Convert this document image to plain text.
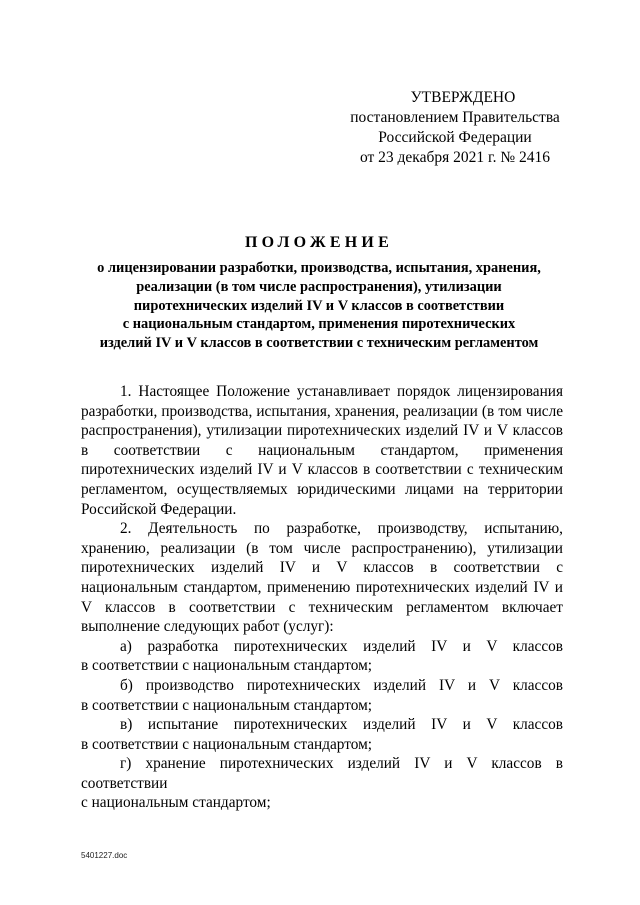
УТВЕРЖДЕНО
постановлением Правительства
Российской Федерации
от 23 декабря 2021 г. № 2416
ПОЛОЖЕНИЕ
о лицензировании разработки, производства, испытания, хранения,
реализации (в том числе распространения), утилизации
пиротехнических изделий IV и V классов в соответствии
с национальным стандартом, применения пиротехнических
изделий IV и V классов в соответствии с техническим регламентом

1. Настоящее Положение устанавливает порядок лицензирования разработки, производства, испытания, хранения, реализации (в том числе распространения), утилизации пиротехнических изделий IV и V классов в соответствии с национальным стандартом, применения пиротехнических изделий IV и V классов в соответствии с техническим регламентом, осуществляемых юридическими лицами на территории Российской Федерации.

2. Деятельность по разработке, производству, испытанию, хранению, реализации (в том числе распространению), утилизации пиротехнических изделий IV и V классов в соответствии с национальным стандартом, применению пиротехнических изделий IV и V классов в соответствии с техническим регламентом включает выполнение следующих работ (услуг):

а) разработка пиротехнических изделий IV и V классов
в соответствии с национальным стандартом;
б) производство пиротехнических изделий IV и V классов
в соответствии с национальным стандартом;
в) испытание пиротехнических изделий IV и V классов
в соответствии с национальным стандартом;
г) хранение пиротехнических изделий IV и V классов в соответствии
с национальным стандартом;
5401227.doc
